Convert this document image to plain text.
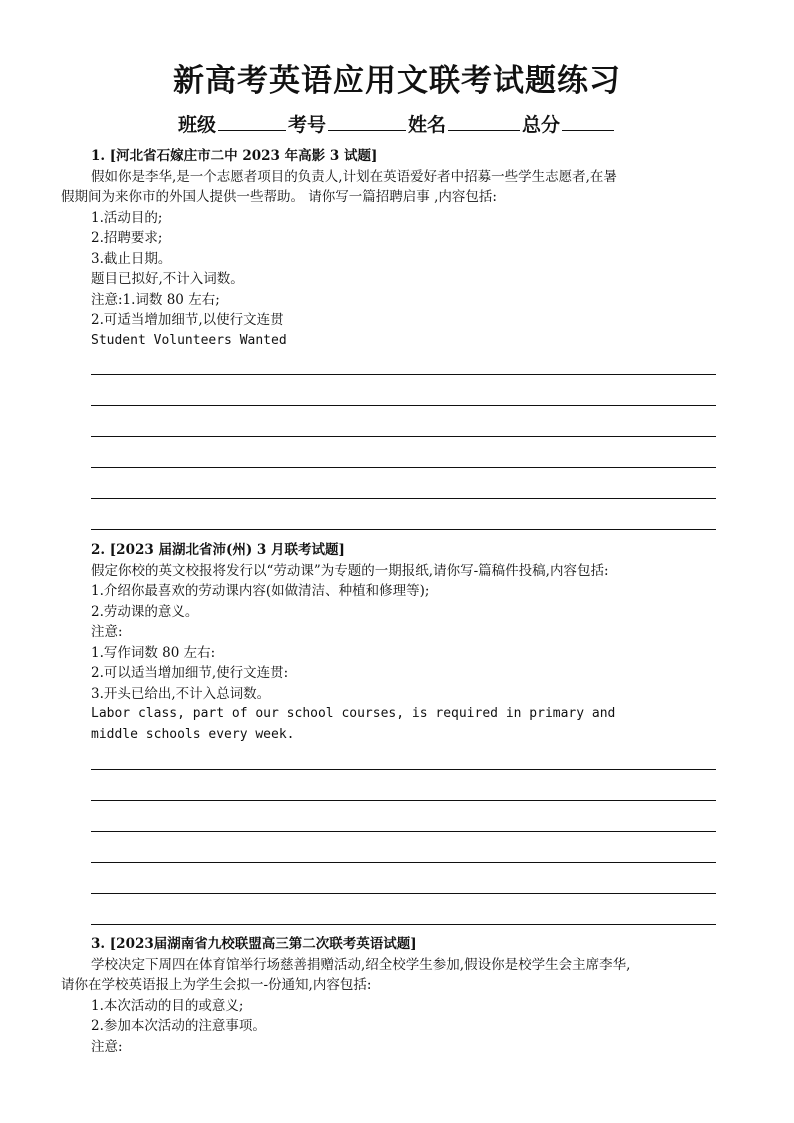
新高考英语应用文联考试题练习
班级	考号	姓名	总分
1. [河北省石嫁庄市二中 2023 年高影 3 试题]
假如你是李华,是一个志愿者项目的负责人,计划在英语爱好者中招募一些学生志愿者,在暑
假期间为来你市的外国人提供一些帮助。 请你写一篇招聘启事 ,内容包括:
1.活动目的;
2.招聘要求;
3.截止日期。
题目已拟好,不计入词数。
注意:1.词数 80 左右;
2.可适当增加细节,以使行文连贯
Student Volunteers Wanted
2. [2023 届湖北省沛(州) 3 月联考试题]
假定你校的英文校报将发行以“劳动课”为专题的一期报纸,请你写-篇稿件投稿,内容包括:
1.介绍你最喜欢的劳动课内容(如做清洁、种植和修理等);
2.劳动课的意义。
注意:
1.写作词数 80 左右:
2.可以适当增加细节,使行文连贯:
3.开头已给出,不计入总词数。
Labor class, part of our school courses, is required in primary and
middle schools every week.
3. [2023届湖南省九校联盟高三第二次联考英语试题]
学校决定下周四在体育馆举行场慈善捐赠活动,绍全校学生参加,假设你是校学生会主席李华,
请你在学校英语报上为学生会拟一-份通知,内容包括:
1.本次活动的目的或意义;
2.参加本次活动的注意事项。
注意:
